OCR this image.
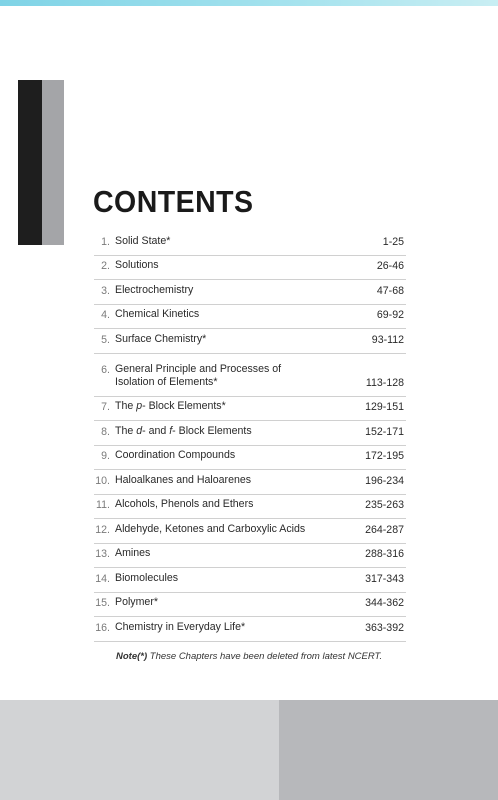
CONTENTS
1. Solid State*	1-25
2. Solutions	26-46
3. Electrochemistry	47-68
4. Chemical Kinetics	69-92
5. Surface Chemistry*	93-112
6. General Principle and Processes of
Isolation of Elements*	113-128
7. The p- Block Elements*	129-151
8. The d- and f- Block Elements	152-171
9. Coordination Compounds	172-195
10. Haloalkanes and Haloarenes	196-234
11. Alcohols, Phenols and Ethers	235-263
12. Aldehyde, Ketones and Carboxylic Acids	264-287
13. Amines	288-316
14. Biomolecules	317-343
15. Polymer*	344-362
16. Chemistry in Everyday Life*	363-392
Note(*) These Chapters have been deleted from latest NCERT.
